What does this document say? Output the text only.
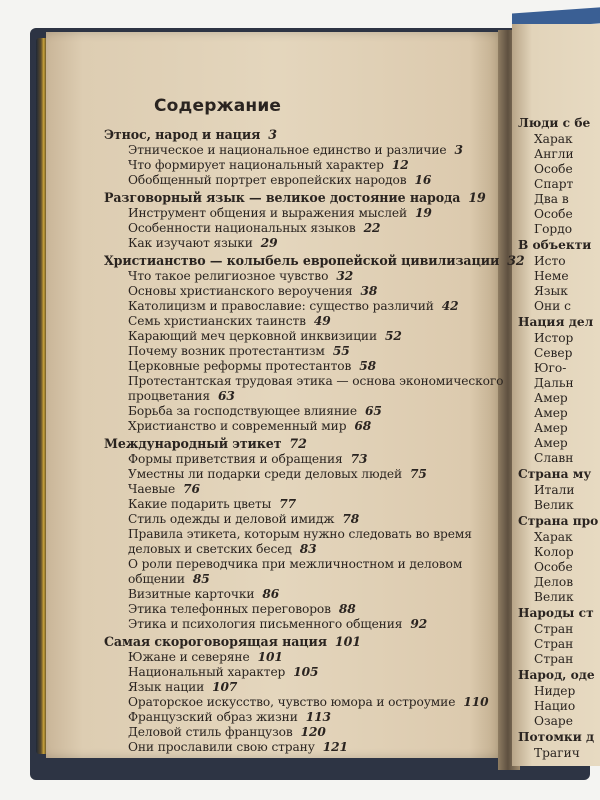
Люди с бе
Харак
Англи
Особе
Спарт
Два в
Особе
Гордо
В объекти
Исто
Неме
Язык
Они с
Нация дел
Истор
Север
Юго-
Дальн
Амер
Амер
Амер
Амер
Славн
Страна му
Итали
Велик
Страна про
Харак
Колор
Особе
Делов
Велик
Народы ст
Стран
Стран
Стран
Народ, оде
Нидер
Нацио
Озаре
Потомки д
Трагич
Содержание
Этнос, народ и нация 3
Этническое и национальное единство и различие 3
Что формирует национальный характер 12
Обобщенный портрет европейских народов 16
Разговорный язык — великое достояние народа 19
Инструмент общения и выражения мыслей 19
Особенности национальных языков 22
Как изучают языки 29
Христианство — колыбель европейской цивилизации 32
Что такое религиозное чувство 32
Основы христианского вероучения 38
Католицизм и православие: существо различий 42
Семь христианских таинств 49
Карающий меч церковной инквизиции 52
Почему возник протестантизм 55
Церковные реформы протестантов 58
Протестантская трудовая этика — основа экономического
процветания 63
Борьба за господствующее влияние 65
Христианство и современный мир 68
Международный этикет 72
Формы приветствия и обращения 73
Уместны ли подарки среди деловых людей 75
Чаевые 76
Какие подарить цветы 77
Стиль одежды и деловой имидж 78
Правила этикета, которым нужно следовать во время
деловых и светских бесед 83
О роли переводчика при межличностном и деловом
общении 85
Визитные карточки 86
Этика телефонных переговоров 88
Этика и психология письменного общения 92
Самая скороговорящая нация 101
Южане и северяне 101
Национальный характер 105
Язык нации 107
Ораторское искусство, чувство юмора и остроумие 110
Французский образ жизни 113
Деловой стиль французов 120
Они прославили свою страну 121
